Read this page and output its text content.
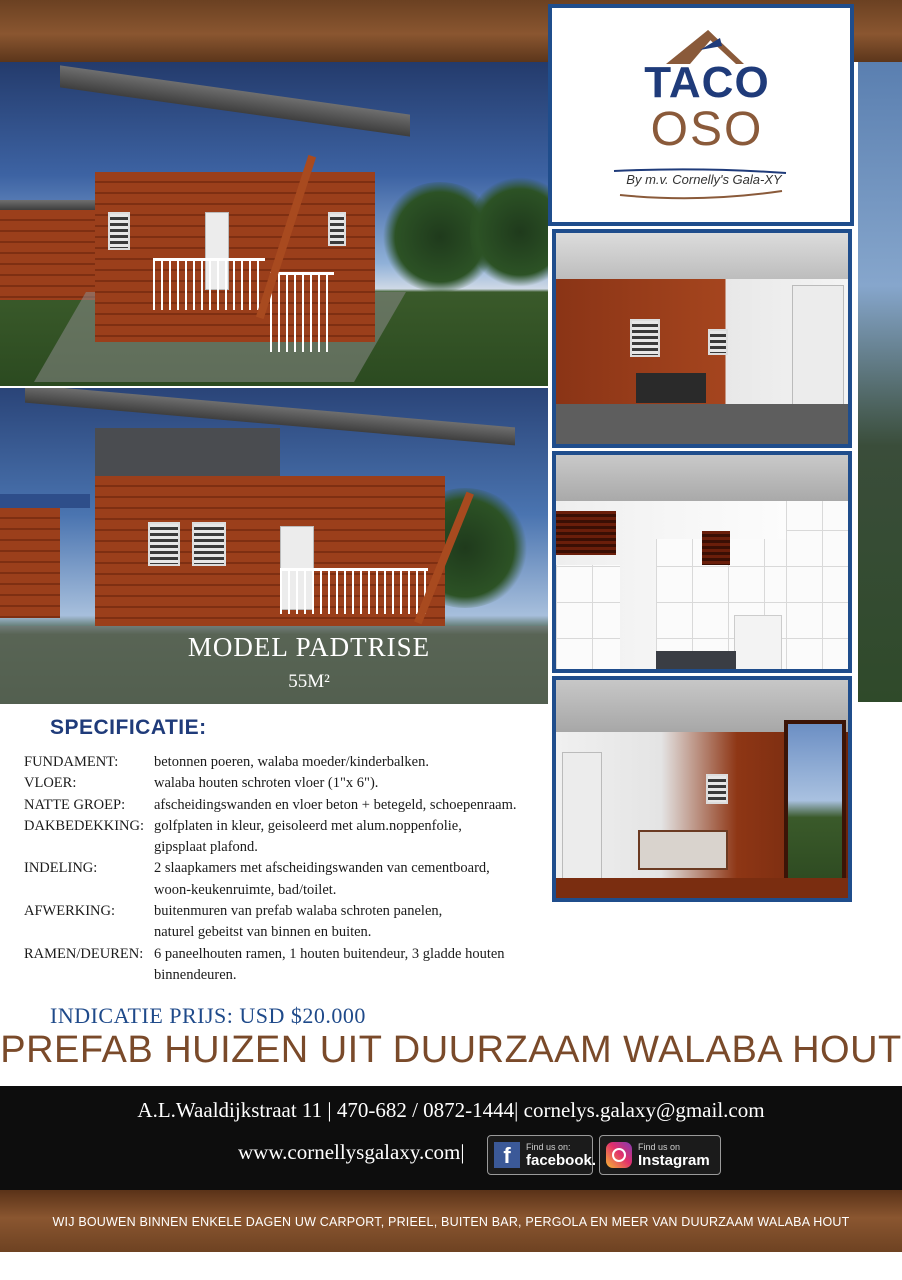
MODEL PADTRISE
55M²
TACO
OSO
By m.v. Cornelly's Gala-XY
SPECIFICATIE:
FUNDAMENT:	betonnen poeren, walaba moeder/kinderbalken.
VLOER:	walaba houten schroten vloer (1"x 6").
NATTE GROEP:	afscheidingswanden en vloer beton + betegeld, schoepenraam.
DAKBEDEKKING:	golfplaten in kleur, geisoleerd met alum.noppenfolie,
gipsplaat plafond.
INDELING:	2 slaapkamers met afscheidingswanden van cementboard,
woon-keukenruimte, bad/toilet.
AFWERKING:	buitenmuren van prefab walaba schroten panelen,
naturel gebeitst van binnen en buiten.
RAMEN/DEUREN:	6 paneelhouten ramen, 1 houten buitendeur, 3 gladde houten
binnendeuren.
INDICATIE PRIJS: USD $20.000
PREFAB HUIZEN UIT DUURZAAM WALABA HOUT
A.L.Waaldijkstraat 11 | 470-682 / 0872-1444| cornelys.galaxy@gmail.com
www.cornellysgalaxy.com|	f	Find us on:
facebook.
Find us on
Instagram
WIJ BOUWEN BINNEN ENKELE DAGEN UW CARPORT, PRIEEL, BUITEN BAR, PERGOLA EN MEER VAN DUURZAAM WALABA HOUT
